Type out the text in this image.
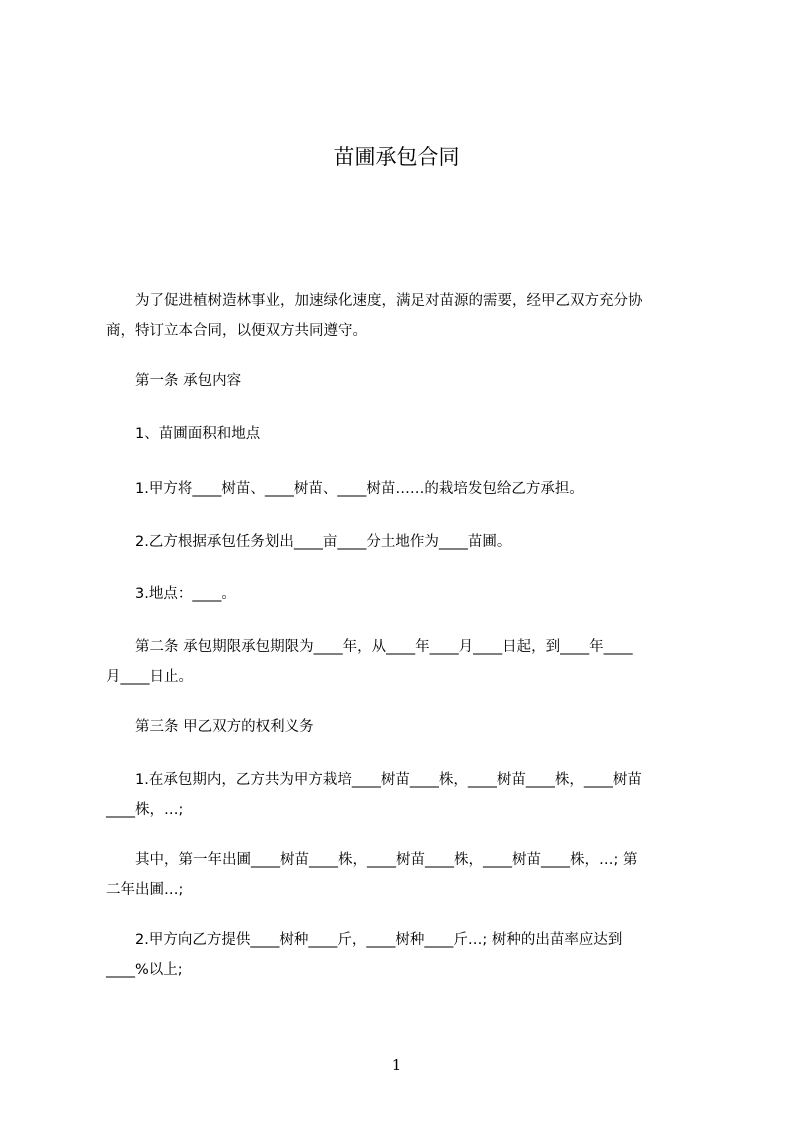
苗圃承包合同

　　为了促进植树造林事业，加速绿化速度，满足对苗源的需要，经甲乙双方充分协
商，特订立本合同，以便双方共同遵守。

　　第一条 承包内容

　　1、苗圃面积和地点

　　1.甲方将____树苗、____树苗、____树苗……的栽培发包给乙方承担。

　　2.乙方根据承包任务划出____亩____分土地作为____苗圃。

　　3.地点：____。

　　第二条 承包期限承包期限为____年，从____年____月____日起，到____年____
月____日止。

　　第三条 甲乙双方的权利义务

　　1.在承包期内，乙方共为甲方栽培____树苗____株，____树苗____株，____树苗
____株，…;

　　其中，第一年出圃____树苗____株，____树苗____株，____树苗____株，…; 第
二年出圃…;

　　2.甲方向乙方提供____树种____斤，____树种____斤…; 树种的出苗率应达到
____%以上;

1
